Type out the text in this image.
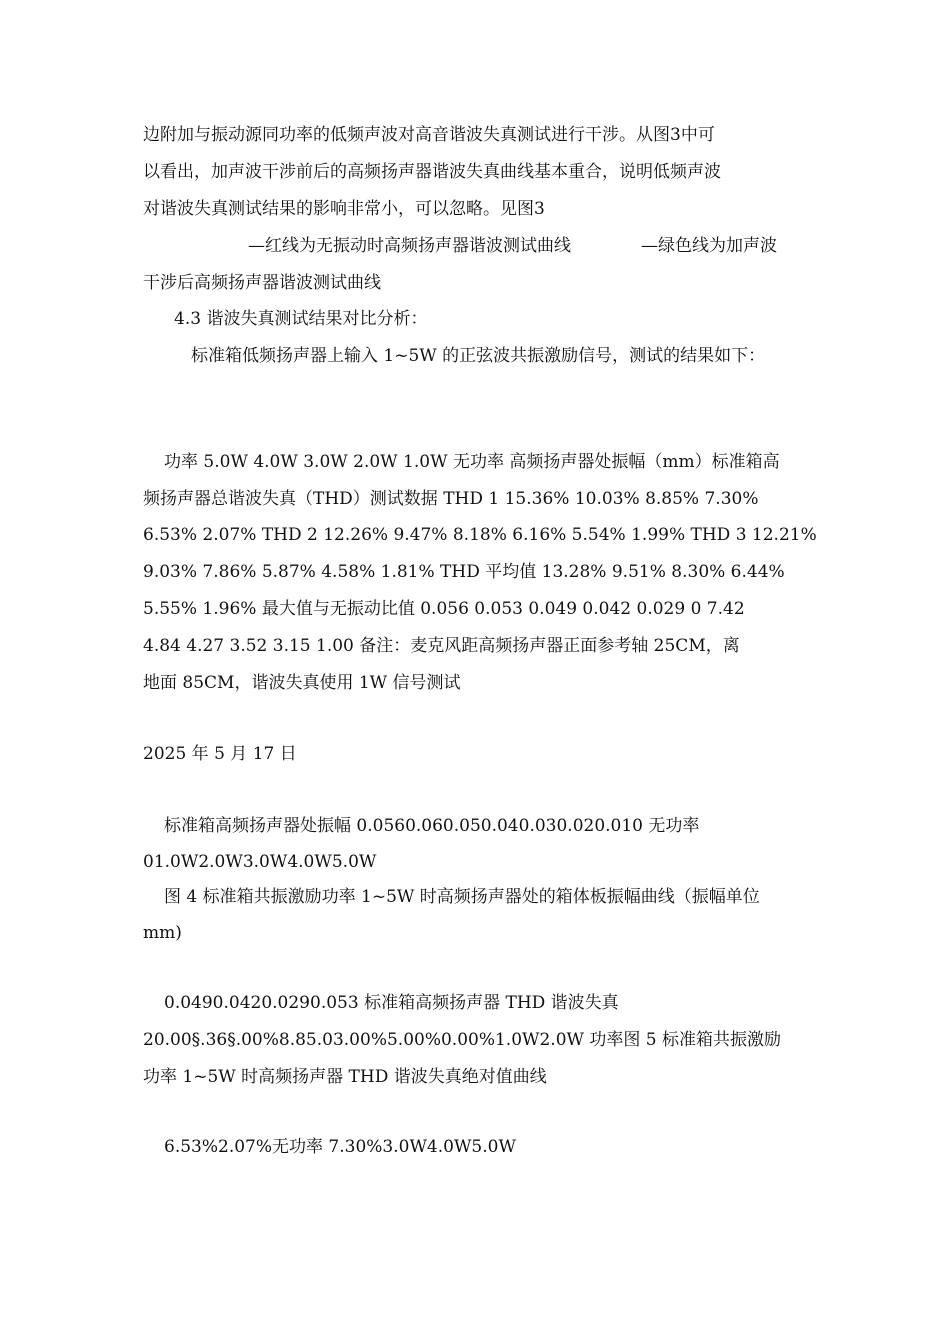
边附加与振动源同功率的低频声波对高音谐波失真测试进行干涉。从图3中可
以看出，加声波干涉前后的高频扬声器谐波失真曲线基本重合，说明低频声波
对谐波失真测试结果的影响非常小，可以忽略。见图3
—红线为无振动时高频扬声器谐波测试曲线	—绿色线为加声波
干涉后高频扬声器谐波测试曲线
4.3 谐波失真测试结果对比分析：
标准箱低频扬声器上输入 1~5W 的正弦波共振激励信号，测试的结果如下：
功率 5.0W 4.0W 3.0W 2.0W 1.0W 无功率 高频扬声器处振幅（mm）标准箱高
频扬声器总谐波失真（THD）测试数据 THD 1 15.36% 10.03% 8.85% 7.30%
6.53% 2.07% THD 2 12.26% 9.47% 8.18% 6.16% 5.54% 1.99% THD 3 12.21%
9.03% 7.86% 5.87% 4.58% 1.81% THD 平均值 13.28% 9.51% 8.30% 6.44%
5.55% 1.96% 最大值与无振动比值 0.056 0.053 0.049 0.042 0.029 0 7.42
4.84 4.27 3.52 3.15 1.00 备注：麦克风距高频扬声器正面参考轴 25CM，离
地面 85CM，谐波失真使用 1W 信号测试
2025 年 5 月 17 日
标准箱高频扬声器处振幅 0.0560.060.050.040.030.020.010 无功率
01.0W2.0W3.0W4.0W5.0W
图 4 标准箱共振激励功率 1~5W 时高频扬声器处的箱体板振幅曲线（振幅单位
mm)
0.0490.0420.0290.053 标准箱高频扬声器 THD 谐波失真
20.00§.36§.00%8.85.03.00%5.00%0.00%1.0W2.0W 功率图 5 标准箱共振激励
功率 1~5W 时高频扬声器 THD 谐波失真绝对值曲线
6.53%2.07%无功率 7.30%3.0W4.0W5.0W
